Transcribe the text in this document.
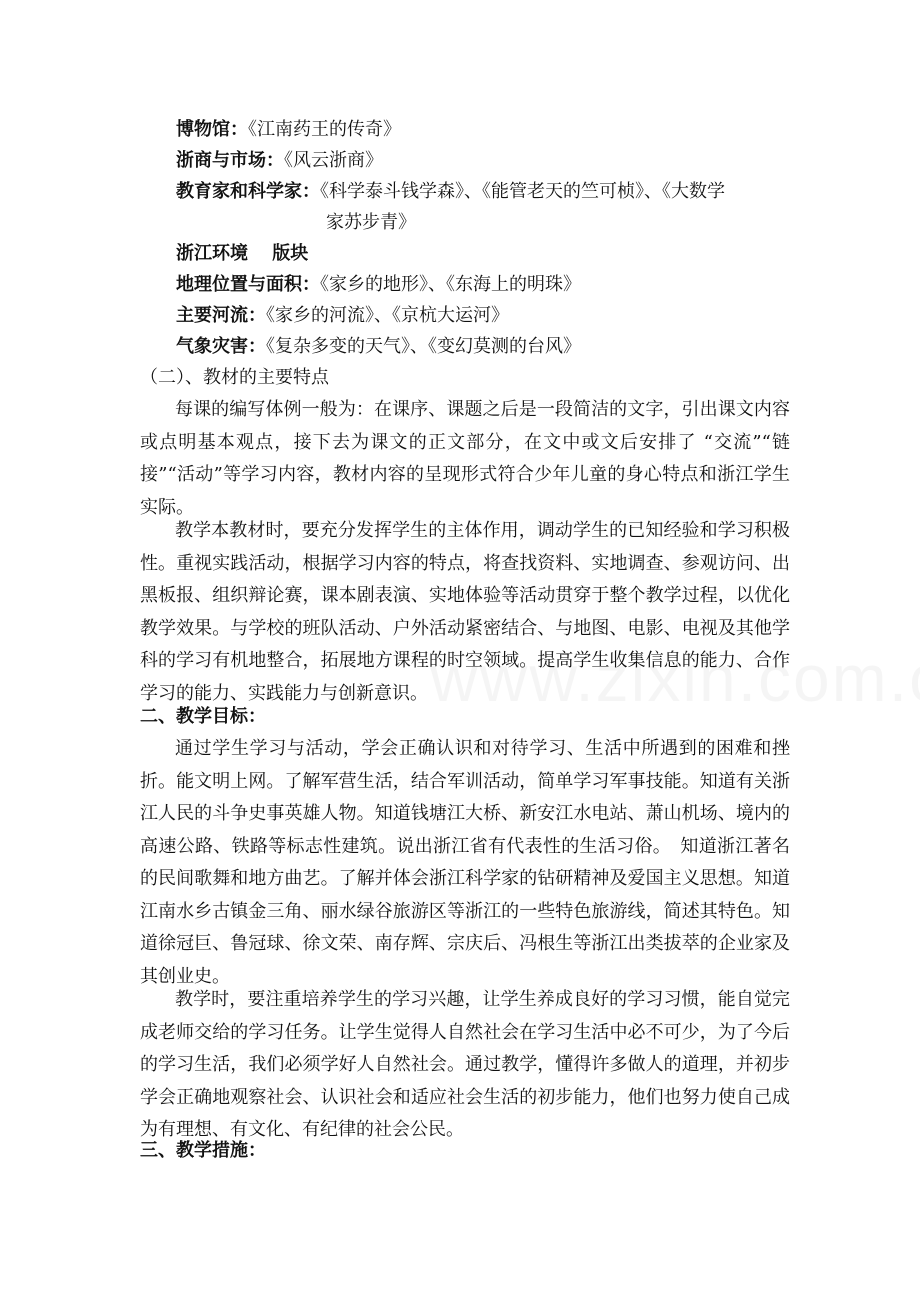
博物馆：《江南药王的传奇》
浙商与市场：《风云浙商》
教育家和科学家：《科学泰斗钱学森》、《能管老天的竺可桢》、《大数学
家苏步青》
浙江环境　 版块
地理位置与面积：《家乡的地形》、《东海上的明珠》
主要河流：《家乡的河流》、《京杭大运河》
气象灾害：《复杂多变的天气》、《变幻莫测的台风》
（二）、教材的主要特点
每课的编写体例一般为：在课序、课题之后是一段简洁的文字，引出课文内容或点明基本观点，接下去为课文的正文部分，在文中或文后安排了 “交流”“链接”“活动”等学习内容，教材内容的呈现形式符合少年儿童的身心特点和浙江学生实际。
教学本教材时，要充分发挥学生的主体作用，调动学生的已知经验和学习积极性。重视实践活动，根据学习内容的特点，将查找资料、实地调查、参观访问、出黑板报、组织辩论赛，课本剧表演、实地体验等活动贯穿于整个教学过程，以优化教学效果。与学校的班队活动、户外活动紧密结合、与地图、电影、电视及其他学科的学习有机地整合，拓展地方课程的时空领域。提高学生收集信息的能力、合作学习的能力、实践能力与创新意识。
二、教学目标：
通过学生学习与活动，学会正确认识和对待学习、生活中所遇到的困难和挫折。能文明上网。了解军营生活，结合军训活动，简单学习军事技能。知道有关浙江人民的斗争史事英雄人物。知道钱塘江大桥、新安江水电站、萧山机场、境内的高速公路、铁路等标志性建筑。说出浙江省有代表性的生活习俗。　知道浙江著名的民间歌舞和地方曲艺。了解并体会浙江科学家的钻研精神及爱国主义思想。知道江南水乡古镇金三角、丽水绿谷旅游区等浙江的一些特色旅游线，简述其特色。知道徐冠巨、鲁冠球、徐文荣、南存辉、宗庆后、冯根生等浙江出类拔萃的企业家及其创业史。
教学时，要注重培养学生的学习兴趣，让学生养成良好的学习习惯，能自觉完成老师交给的学习任务。让学生觉得人自然社会在学习生活中必不可少，为了今后的学习生活，我们必须学好人自然社会。通过教学，懂得许多做人的道理，并初步学会正确地观察社会、认识社会和适应社会生活的初步能力，他们也努力使自己成为有理想、有文化、有纪律的社会公民。
三、教学措施：
